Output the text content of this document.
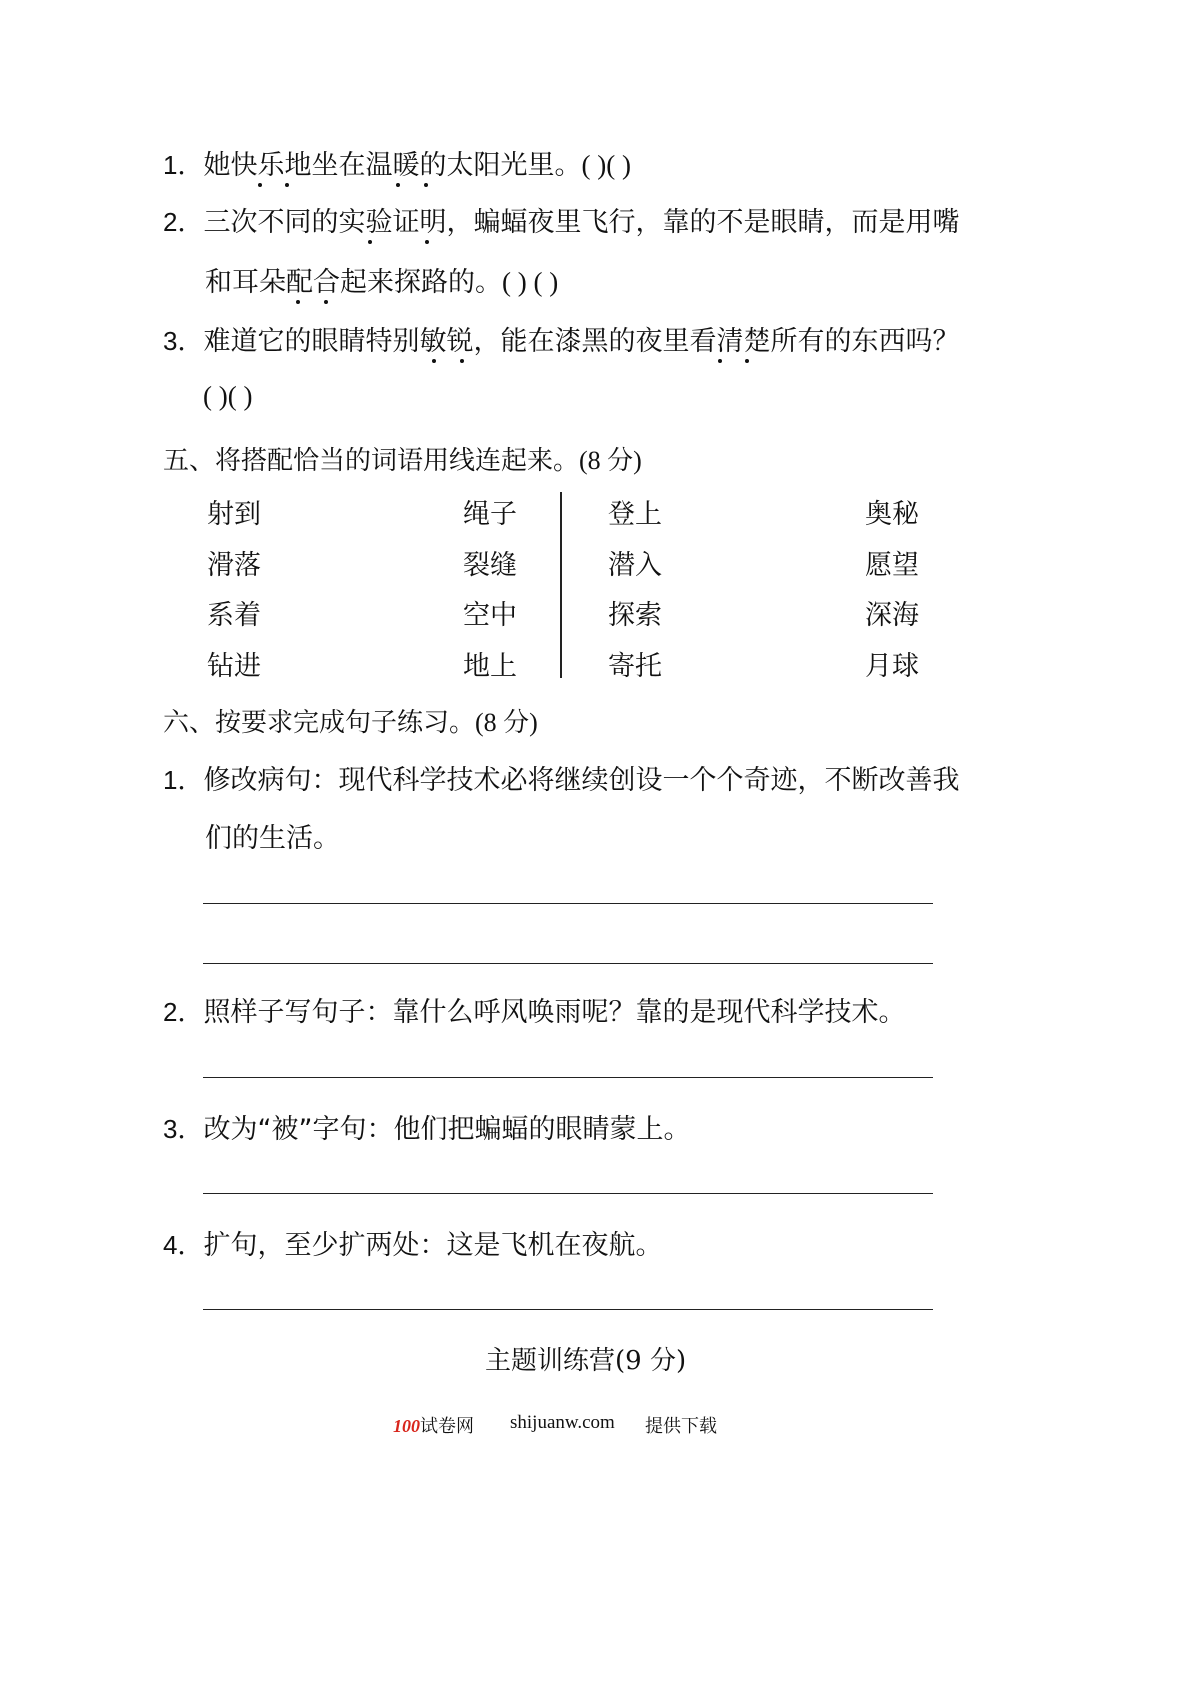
1．她快乐地坐在温暖的太阳光里。( )( )
2．三次不同的实验证明，蝙蝠夜里飞行，靠的不是眼睛，而是用嘴
和耳朵配合起来探路的。( ) ( )
3．难道它的眼睛特别敏锐，能在漆黑的夜里看清楚所有的东西吗？
( )( )
五、将搭配恰当的词语用线连起来。(8 分)
射到
滑落
系着
钻进
绳子
裂缝
空中
地上
登上
潜入
探索
寄托
奥秘
愿望
深海
月球
六、按要求完成句子练习。(8 分)
1．修改病句：现代科学技术必将继续创设一个个奇迹，不断改善我
们的生活。
2．照样子写句子：靠什么呼风唤雨呢？靠的是现代科学技术。
3．改为“被”字句：他们把蝙蝠的眼睛蒙上。
4．扩句，至少扩两处：这是飞机在夜航。
主题训练营(9 分)
100试卷网 shijuanw.com 提供下载
